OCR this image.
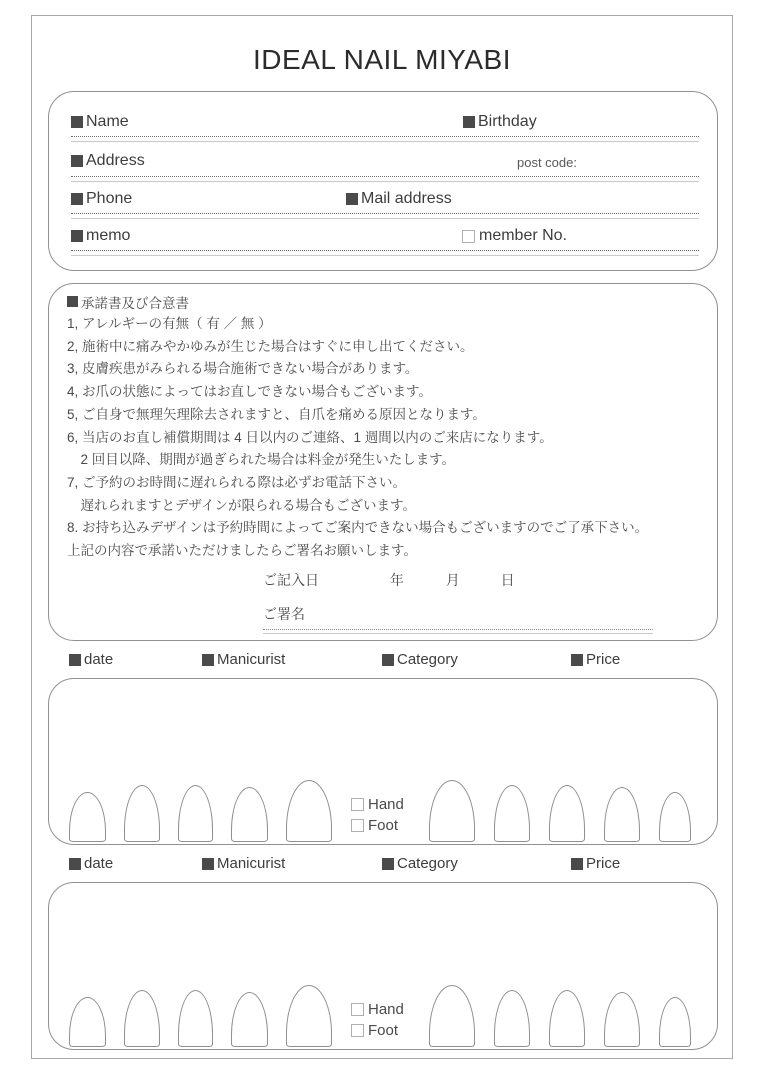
IDEAL NAIL MIYABI
Name	Birthday
Address	post code:
Phone	Mail address
memo	member No.
承諾書及び合意書
1, アレルギーの有無（ 有 ／ 無 ）
2, 施術中に痛みやかゆみが生じた場合はすぐに申し出てください。
3, 皮膚疾患がみられる場合施術できない場合があります。
4, お爪の状態によってはお直しできない場合もございます。
5, ご自身で無理矢理除去されますと、自爪を痛める原因となります。
6, 当店のお直し補償期間は 4 日以内のご連絡、1 週間以内のご来店になります。
　2 回目以降、期間が過ぎられた場合は料金が発生いたします。
7, ご予約のお時間に遅れられる際は必ずお電話下さい。
　遅れられますとデザインが限られる場合もございます。
8. お持ち込みデザインは予約時間によってご案内できない場合もございますのでご了承下さい。
上記の内容で承諾いただけましたらご署名お願いします。
ご記入日	年	月	日
ご署名
date	Manicurist	Category	Price
Hand
Foot
date	Manicurist	Category	Price
Hand
Foot
